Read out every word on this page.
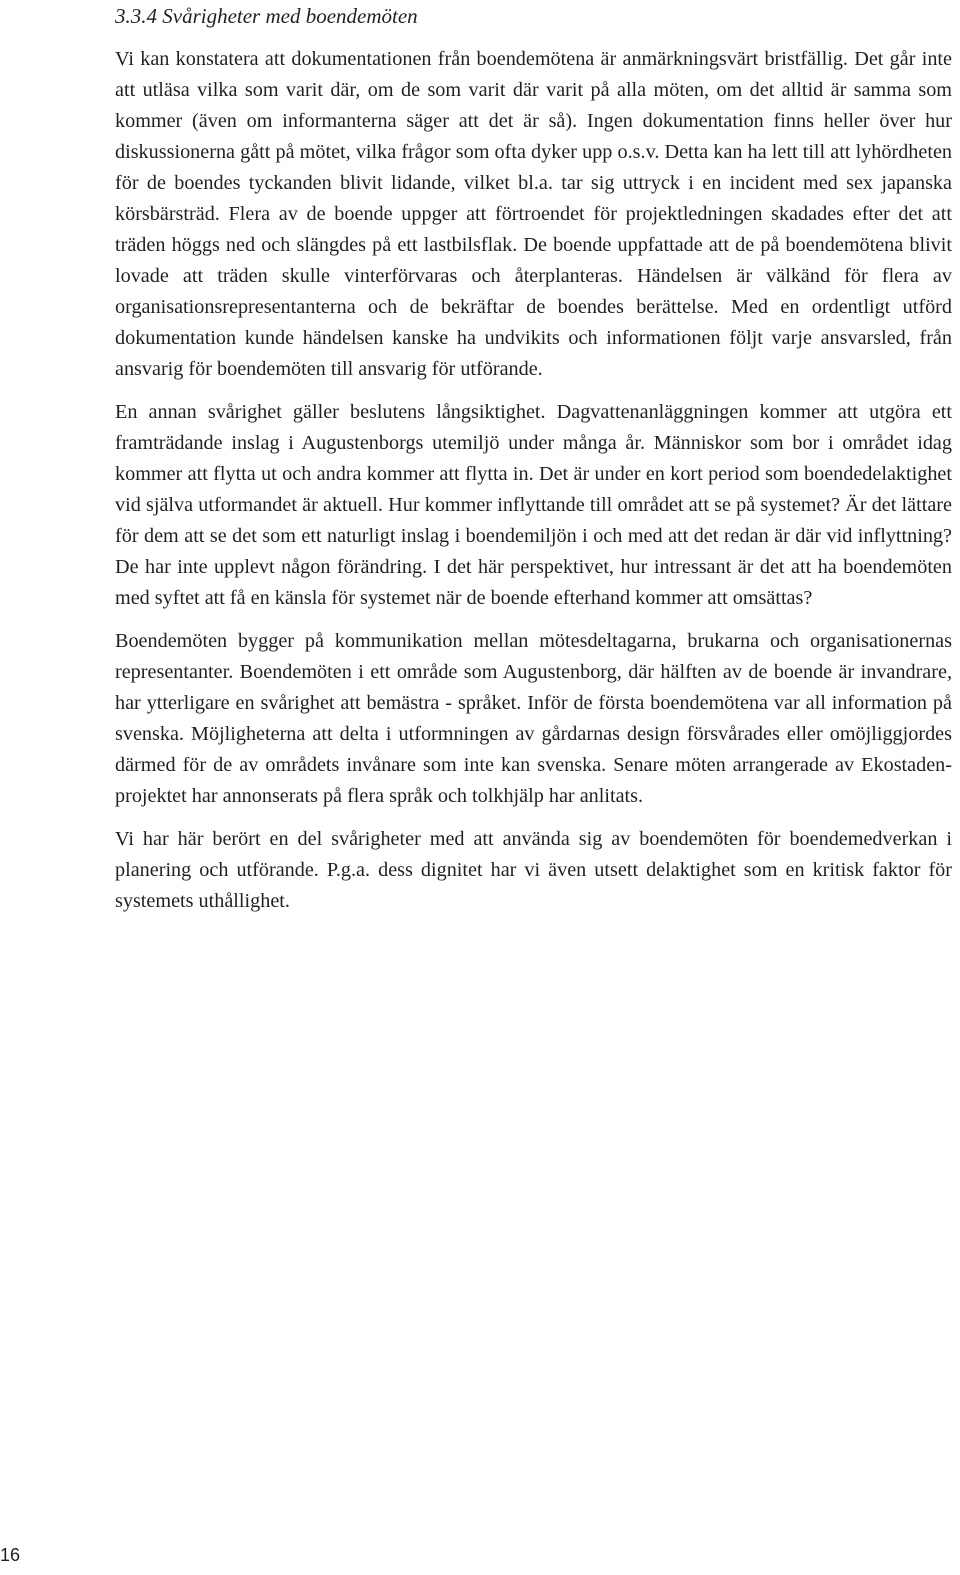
3.3.4 Svårigheter med boendemöten

Vi kan konstatera att dokumentationen från boendemötena är anmärkningsvärt bristfällig. Det går inte att utläsa vilka som varit där, om de som varit där varit på alla möten, om det alltid är samma som kommer (även om informanterna säger att det är så). Ingen dokumentation finns heller över hur diskussionerna gått på mötet, vilka frågor som ofta dyker upp o.s.v. Detta kan ha lett till att lyhördheten för de boendes tyckanden blivit lidande, vilket bl.a. tar sig uttryck i en incident med sex japanska körsbärsträd. Flera av de boende uppger att förtroendet för projektledningen skadades efter det att träden höggs ned och slängdes på ett lastbilsflak. De boende uppfattade att de på boendemötena blivit lovade att träden skulle vinterförvaras och återplanteras. Händelsen är välkänd för flera av organisationsrepresentanterna och de bekräftar de boendes berättelse. Med en ordentligt utförd dokumentation kunde händelsen kanske ha undvikits och informationen följt varje ansvarsled, från ansvarig för boendemöten till ansvarig för utförande.

En annan svårighet gäller beslutens långsiktighet. Dagvattenanläggningen kommer att utgöra ett framträdande inslag i Augustenborgs utemiljö under många år. Människor som bor i området idag kommer att flytta ut och andra kommer att flytta in. Det är under en kort period som boendedelaktighet vid själva utformandet är aktuell. Hur kommer inflyttande till området att se på systemet? Är det lättare för dem att se det som ett naturligt inslag i boendemiljön i och med att det redan är där vid inflyttning? De har inte upplevt någon förändring. I det här perspektivet, hur intressant är det att ha boendemöten med syftet att få en känsla för systemet när de boende efterhand kommer att omsättas?

Boendemöten bygger på kommunikation mellan mötesdeltagarna, brukarna och organisationernas representanter. Boendemöten i ett område som Augustenborg, där hälften av de boende är invandrare, har ytterligare en svårighet att bemästra - språket. Inför de första boendemötena var all information på svenska. Möjligheterna att delta i utformningen av gårdarnas design försvårades eller omöjliggjordes därmed för de av områdets invånare som inte kan svenska. Senare möten arrangerade av Ekostaden-projektet har annonserats på flera språk och tolkhjälp har anlitats.

Vi har här berört en del svårigheter med att använda sig av boendemöten för boendemedverkan i planering och utförande. P.g.a. dess dignitet har vi även utsett delaktighet som en kritisk faktor för systemets uthållighet.

16
